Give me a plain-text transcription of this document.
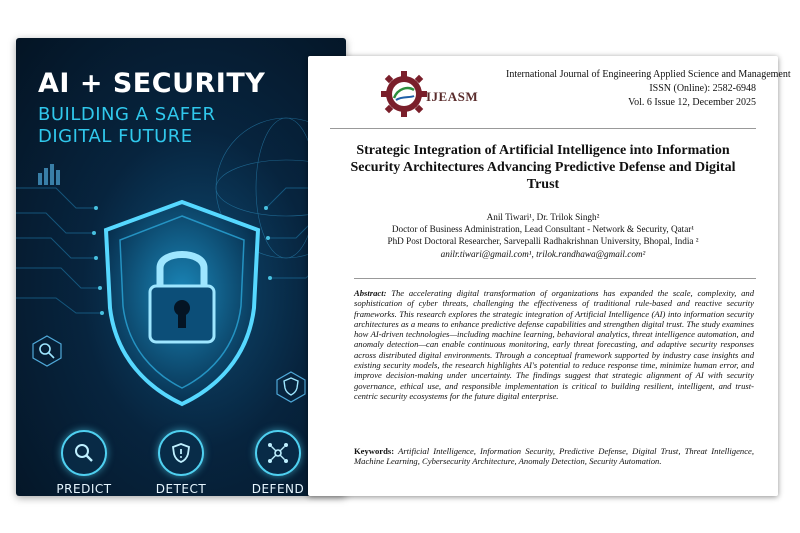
AI + SECURITY

BUILDING A SAFER DIGITAL FUTURE

PREDICT	DETECT	DEFEND
IJEASM
International Journal of Engineering Applied Science and Management
ISSN (Online): 2582-6948
Vol. 6 Issue 12, December 2025
Strategic Integration of Artificial Intelligence into Information Security Architectures Advancing Predictive Defense and Digital Trust
Anil Tiwari¹, Dr. Trilok Singh²
Doctor of Business Administration, Lead Consultant - Network & Security, Qatar¹
PhD Post Doctoral Researcher, Sarvepalli Radhakrishnan University, Bhopal, India ²
anilr.tiwari@gmail.com¹, trilok.randhawa@gmail.com²
Abstract: The accelerating digital transformation of organizations has expanded the scale, complexity, and sophistication of cyber threats, challenging the effectiveness of traditional rule-based and reactive security frameworks. This research explores the strategic integration of Artificial Intelligence (AI) into information security architectures as a means to enhance predictive defense capabilities and strengthen digital trust. The study examines how AI-driven technologies—including machine learning, behavioral analytics, threat intelligence automation, and anomaly detection—can enable continuous monitoring, early threat forecasting, and adaptive security responses across distributed digital environments. Through a conceptual framework supported by industry case insights and existing security models, the research highlights AI's potential to reduce response time, minimize human error, and improve decision-making under uncertainty. The findings suggest that strategic alignment of AI with security governance, ethical use, and responsible implementation is critical to building resilient, intelligent, and trust-centric security ecosystems for the future digital enterprise.
Keywords: Artificial Intelligence, Information Security, Predictive Defense, Digital Trust, Threat Intelligence, Machine Learning, Cybersecurity Architecture, Anomaly Detection, Security Automation.
